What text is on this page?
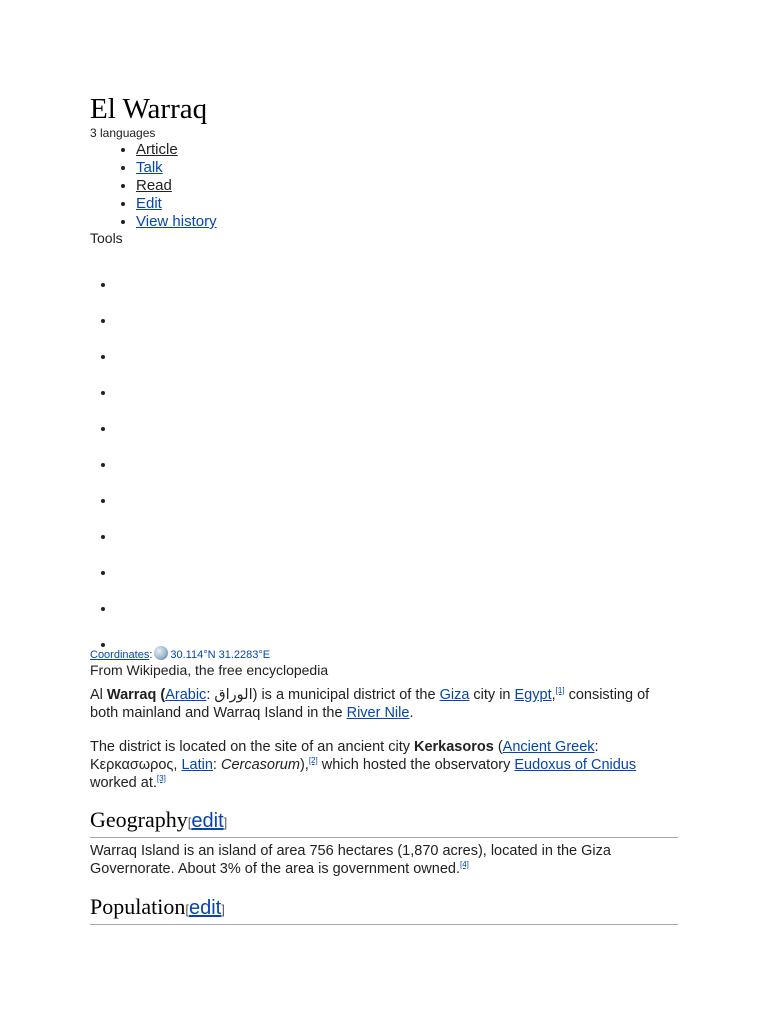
El Warraq
3 languages
• Article
• Talk
• Read
• Edit
• View history
Tools
Coordinates: 30.114°N 31.2283°E
From Wikipedia, the free encyclopedia

Al Warraq (Arabic: الوراق) is a municipal district of the Giza city in Egypt,[1] consisting of both mainland and Warraq Island in the River Nile.

The district is located on the site of an ancient city Kerkasoros (Ancient Greek: Κερκασωρος, Latin: Cercasorum),[2] which hosted the observatory Eudoxus of Cnidus worked at.[3]

Geography[edit]

Warraq Island is an island of area 756 hectares (1,870 acres), located in the Giza Governorate. About 3% of the area is government owned.[4]

Population[edit]
